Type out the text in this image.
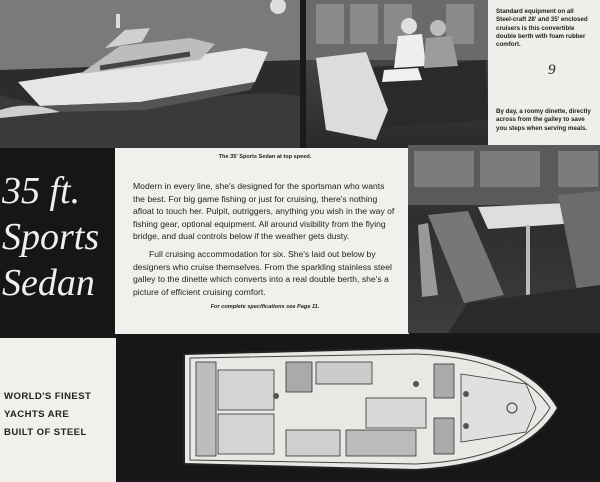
Standard equipment on all Steel-craft 28' and 35' enclosed cruisers is this convertible double berth with foam rubber comfort.

9

By day, a roomy dinette, directly across from the galley to save you steps when serving meals.

35 ft.
Sports
Sedan
The 35' Sports Sedan at top speed.

Modern in every line, she's designed for the sportsman who wants the best. For big game fishing or just for cruising, there's nothing afloat to touch her. Pulpit, outriggers, anything you wish in the way of fishing gear, optional equipment. All around visibility from the flying bridge, and dual controls below if the weather gets dusty.

Full cruising accommodation for six. She's laid out below by designers who cruise themselves. From the sparkling stainless steel galley to the dinette which converts into a real double berth, she's a picture of efficient cruising comfort.

For complete specifications see Page 11.
WORLD'S FINEST
YACHTS ARE
BUILT OF STEEL
